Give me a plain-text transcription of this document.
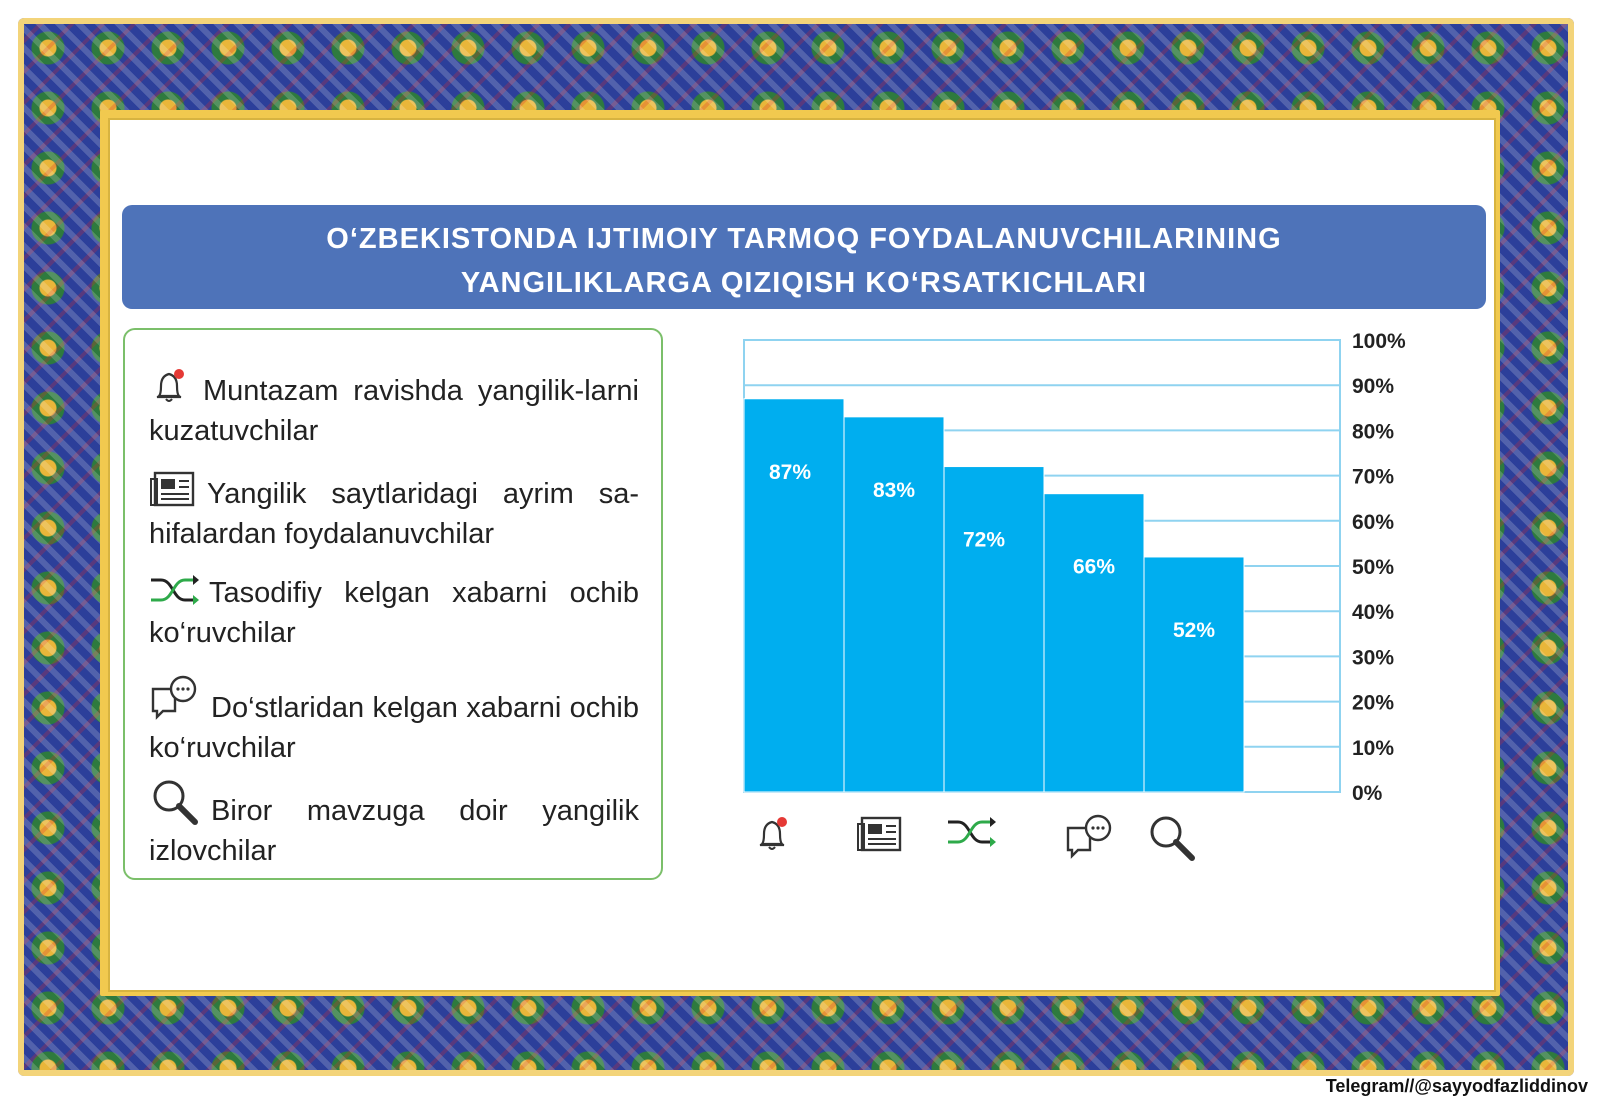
O‘ZBEKISTONDA IJTIMOIY TARMOQ FOYDALANUVCHILARINING
YANGILIKLARGA QIZIQISH KO‘RSATKICHLARI
Muntazam ravishda yangilik-larni kuzatuvchilar
Yangilik saytlaridagi ayrim sa-hifalardan foydalanuvchilar
Tasodifiy kelgan xabarni ochib ko‘ruvchilar
Do‘stlaridan kelgan xabarni ochib ko‘ruvchilar
Biror mavzuga doir yangilik izlovchilar
0%
10%
20%
30%
40%
50%
60%
70%
80%
90%
100%
87%
83%
72%
66%
52%
Telegram//@sayyodfazliddinov
